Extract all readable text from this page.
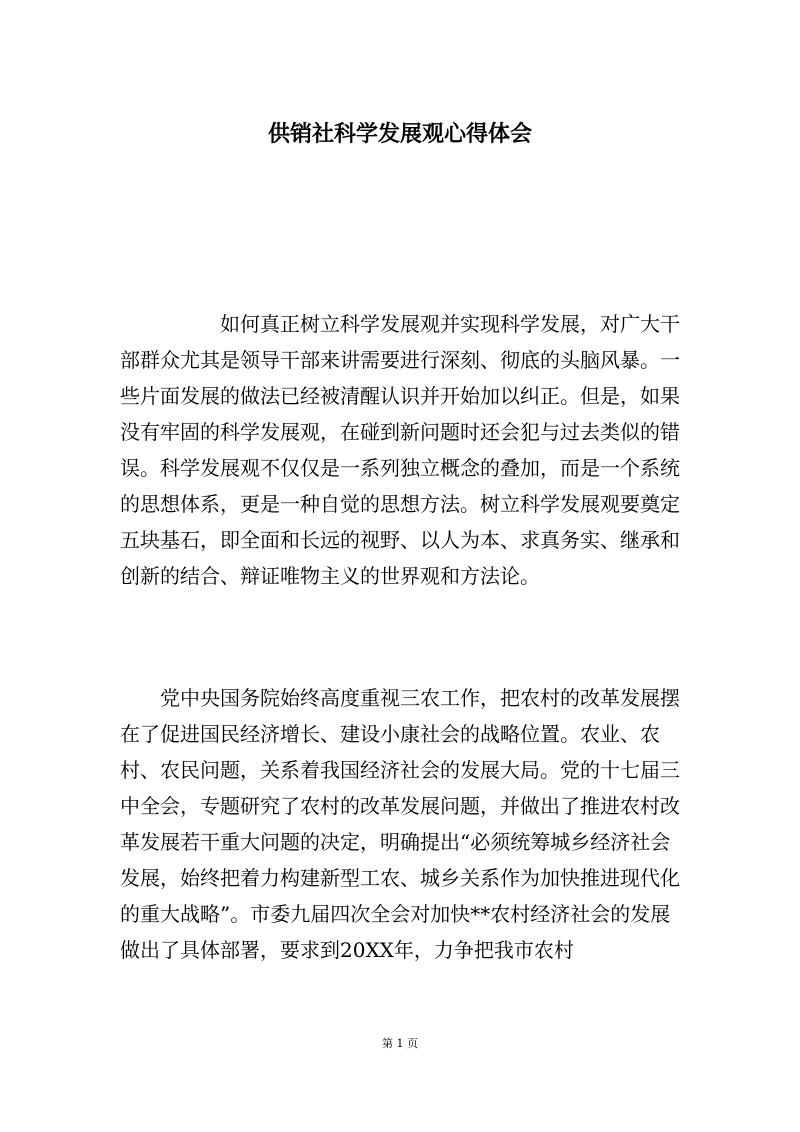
供销社科学发展观心得体会

如何真正树立科学发展观并实现科学发展，对广大干部群众尤其是领导干部来讲需要进行深刻、彻底的头脑风暴。一些片面发展的做法已经被清醒认识并开始加以纠正。但是，如果没有牢固的科学发展观，在碰到新问题时还会犯与过去类似的错误。科学发展观不仅仅是一系列独立概念的叠加，而是一个系统的思想体系，更是一种自觉的思想方法。树立科学发展观要奠定五块基石，即全面和长远的视野、以人为本、求真务实、继承和创新的结合、辩证唯物主义的世界观和方法论。

党中央国务院始终高度重视三农工作，把农村的改革发展摆在了促进国民经济增长、建设小康社会的战略位置。农业、农村、农民问题，关系着我国经济社会的发展大局。党的十七届三中全会，专题研究了农村的改革发展问题，并做出了推进农村改革发展若干重大问题的决定，明确提出“必须统筹城乡经济社会发展，始终把着力构建新型工农、城乡关系作为加快推进现代化的重大战略”。市委九届四次全会对加快**农村经济社会的发展做出了具体部署，要求到20XX年，力争把我市农村

第 1 页
